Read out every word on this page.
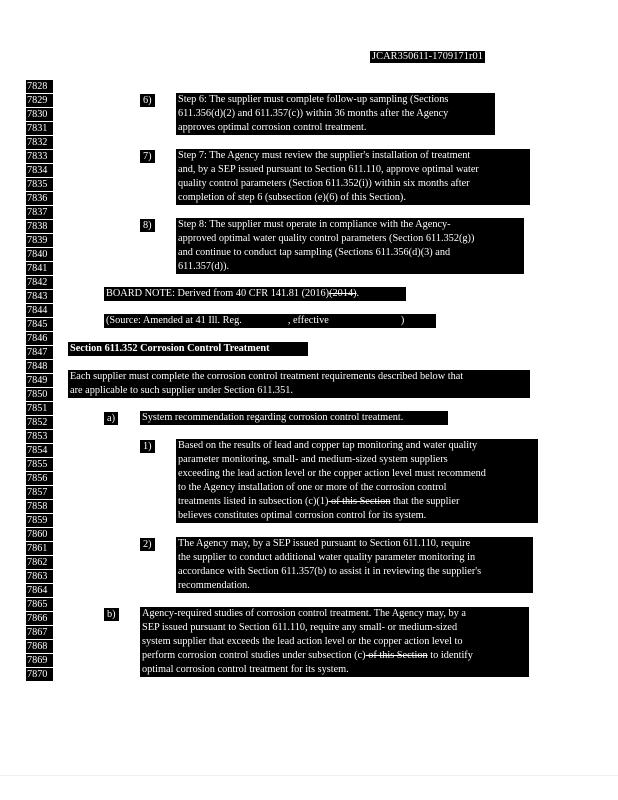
JCAR350611-1709171r01
7828
7829
7830
7831
7832
7833
7834
7835
7836
7837
7838
7839
7840
7841
7842
7843
7844
7845
7846
7847
7848
7849
7850
7851
7852
7853
7854
7855
7856
7857
7858
7859
7860
7861
7862
7863
7864
7865
7866
7867
7868
7869
7870
6)	Step 6: The supplier must complete follow-up sampling (Sections
611.356(d)(2) and 611.357(c)) within 36 months after the Agency
approves optimal corrosion control treatment.
7)	Step 7: The Agency must review the supplier's installation of treatment
and, by a SEP issued pursuant to Section 611.110, approve optimal water
quality control parameters (Section 611.352(i)) within six months after
completion of step 6 (subsection (e)(6) of this Section).
8)	Step 8: The supplier must operate in compliance with the Agency-
approved optimal water quality control parameters (Section 611.352(g))
and continue to conduct tap sampling (Sections 611.356(d)(3) and
611.357(d)).
BOARD NOTE: Derived from 40 CFR 141.81 (2016)(2014).
(Source: Amended at 41 Ill. Reg.	, effective	)
Section 611.352 Corrosion Control Treatment
Each supplier must complete the corrosion control treatment requirements described below that
are applicable to such supplier under Section 611.351.
a)	System recommendation regarding corrosion control treatment.
1)	Based on the results of lead and copper tap monitoring and water quality
parameter monitoring, small- and medium-sized system suppliers
exceeding the lead action level or the copper action level must recommend
to the Agency installation of one or more of the corrosion control
treatments listed in subsection (c)(1) of this Section that the supplier
believes constitutes optimal corrosion control for its system.
2)	The Agency may, by a SEP issued pursuant to Section 611.110, require
the supplier to conduct additional water quality parameter monitoring in
accordance with Section 611.357(b) to assist it in reviewing the supplier's
recommendation.
b)	Agency-required studies of corrosion control treatment. The Agency may, by a
SEP issued pursuant to Section 611.110, require any small- or medium-sized
system supplier that exceeds the lead action level or the copper action level to
perform corrosion control studies under subsection (c) of this Section to identify
optimal corrosion control treatment for its system.
